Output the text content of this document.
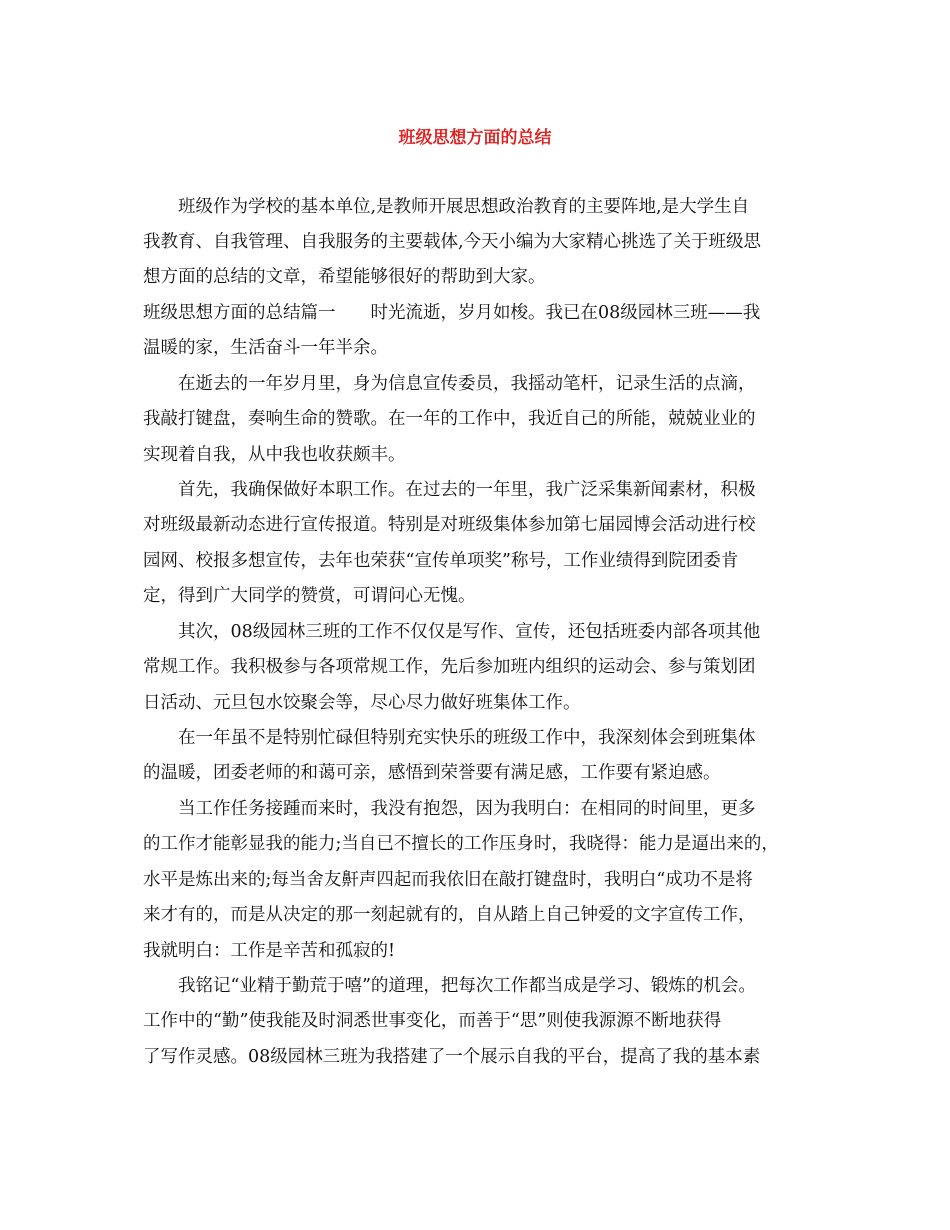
班级思想方面的总结

班级作为学校的基本单位,是教师开展思想政治教育的主要阵地,是大学生自

我教育、自我管理、自我服务的主要载体,今天小编为大家精心挑选了关于班级思

想方面的总结的文章，希望能够很好的帮助到大家。

班级思想方面的总结篇一　　时光流逝，岁月如梭。我已在08级园林三班——我

温暖的家，生活奋斗一年半余。

在逝去的一年岁月里，身为信息宣传委员，我摇动笔杆，记录生活的点滴，

我敲打键盘，奏响生命的赞歌。在一年的工作中，我近自己的所能，兢兢业业的

实现着自我，从中我也收获颇丰。

首先，我确保做好本职工作。在过去的一年里，我广泛采集新闻素材，积极

对班级最新动态进行宣传报道。特别是对班级集体参加第七届园博会活动进行校

园网、校报多想宣传，去年也荣获“宣传单项奖”称号，工作业绩得到院团委肯

定，得到广大同学的赞赏，可谓问心无愧。

其次，08级园林三班的工作不仅仅是写作、宣传，还包括班委内部各项其他

常规工作。我积极参与各项常规工作，先后参加班内组织的运动会、参与策划团

日活动、元旦包水饺聚会等，尽心尽力做好班集体工作。

在一年虽不是特别忙碌但特别充实快乐的班级工作中，我深刻体会到班集体

的温暖，团委老师的和蔼可亲，感悟到荣誉要有满足感，工作要有紧迫感。

当工作任务接踵而来时，我没有抱怨，因为我明白：在相同的时间里，更多

的工作才能彰显我的能力;当自已不擅长的工作压身时，我晓得：能力是逼出来的，

水平是炼出来的;每当舍友鼾声四起而我依旧在敲打键盘时，我明白“成功不是将

来才有的，而是从决定的那一刻起就有的，自从踏上自己钟爱的文字宣传工作，

我就明白：工作是辛苦和孤寂的!

我铭记“业精于勤荒于嘻”的道理，把每次工作都当成是学习、锻炼的机会。

工作中的“勤”使我能及时洞悉世事变化，而善于“思”则使我源源不断地获得

了写作灵感。08级园林三班为我搭建了一个展示自我的平台，提高了我的基本素
